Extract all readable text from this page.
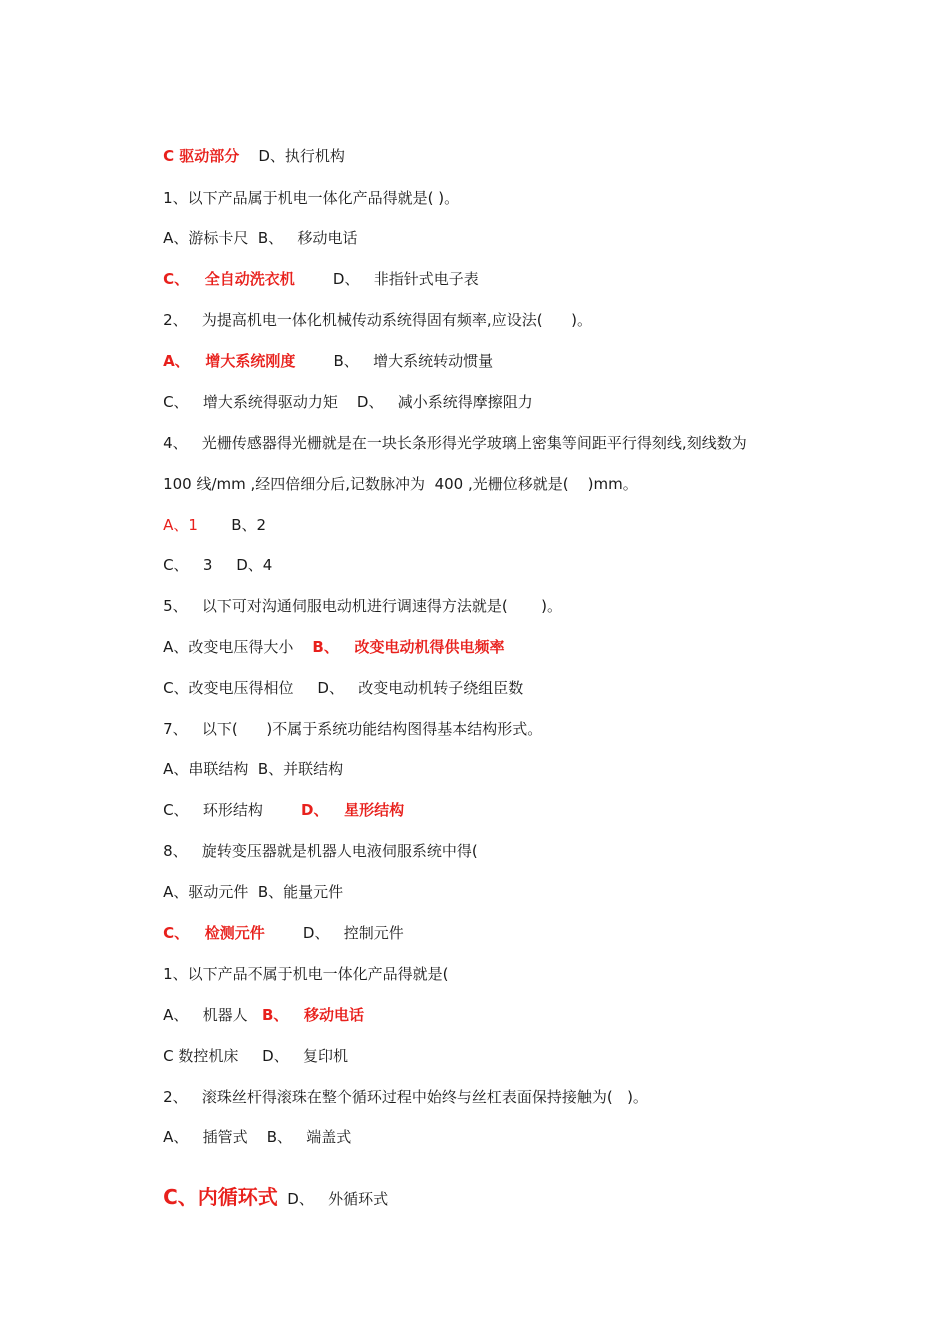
C 驱动部分    D、执行机构

1、以下产品属于机电一体化产品得就是( )。

A、游标卡尺  B、   移动电话

C、   全自动洗衣机        D、   非指针式电子表

2、   为提高机电一体化机械传动系统得固有频率,应设法(      )。

A、   增大系统刚度        B、   增大系统转动惯量

C、   增大系统得驱动力矩    D、   减小系统得摩擦阻力

4、   光栅传感器得光栅就是在一块长条形得光学玻璃上密集等间距平行得刻线,刻线数为

100 线/mm ,经四倍细分后,记数脉冲为  400 ,光栅位移就是(    )mm。

A、1       B、2

C、   3     D、4

5、   以下可对沟通伺服电动机进行调速得方法就是(       )。

A、改变电压得大小    B、   改变电动机得供电频率

C、改变电压得相位     D、   改变电动机转子绕组臣数

7、   以下(      )不属于系统功能结构图得基本结构形式。

A、串联结构  B、并联结构

C、   环形结构        D、   星形结构

8、   旋转变压器就是机器人电液伺服系统中得(

A、驱动元件  B、能量元件

C、   检测元件        D、   控制元件

1、以下产品不属于机电一体化产品得就是(

A、   机器人   B、   移动电话

C 数控机床     D、   复印机

2、   滚珠丝杆得滚珠在整个循环过程中始终与丝杠表面保持接触为(   )。

A、   插管式    B、   端盖式

C、内循环式  D、   外循环式
